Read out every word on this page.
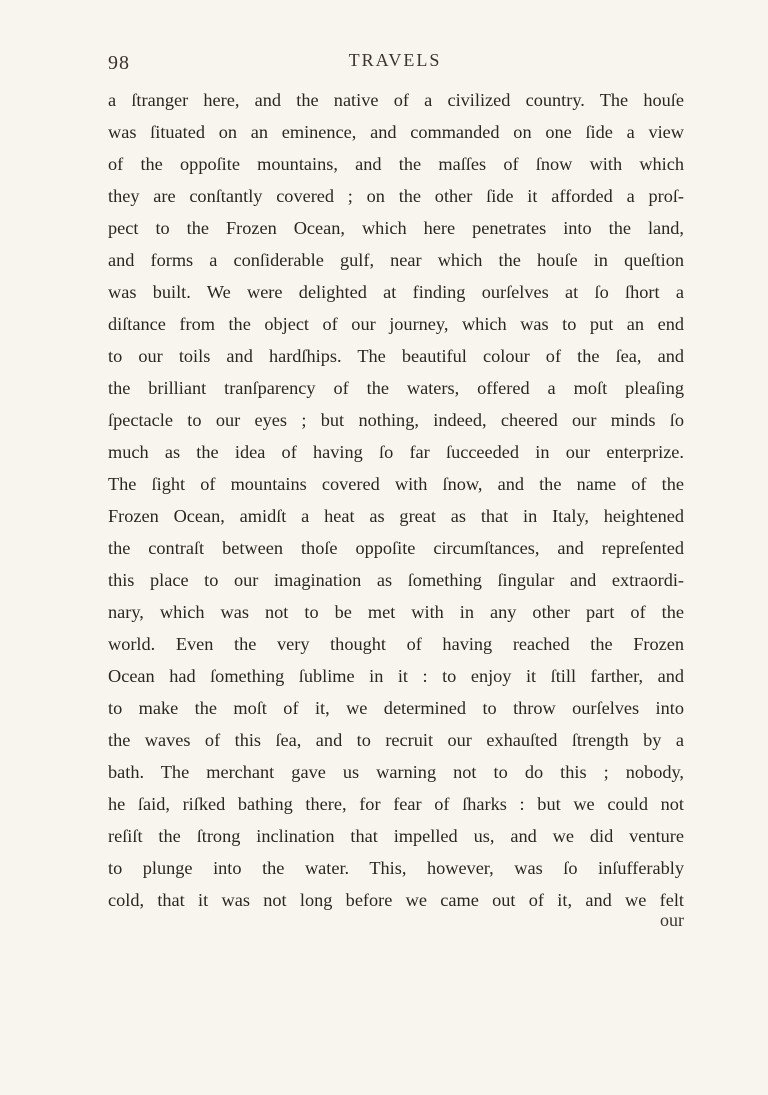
98	TRAVELS
a ſtranger here, and the native of a civilized country. The houſe
was ſituated on an eminence, and commanded on one ſide a view
of the oppoſite mountains, and the maſſes of ſnow with which
they are conſtantly covered ; on the other ſide it afforded a proſ-
pect to the Frozen Ocean, which here penetrates into the land,
and forms a conſiderable gulf, near which the houſe in queſtion
was built. We were delighted at finding ourſelves at ſo ſhort a
diſtance from the object of our journey, which was to put an end
to our toils and hardſhips. The beautiful colour of the ſea, and
the brilliant tranſparency of the waters, offered a moſt pleaſing
ſpectacle to our eyes ; but nothing, indeed, cheered our minds ſo
much as the idea of having ſo far ſucceeded in our enterprize.
The ſight of mountains covered with ſnow, and the name of the
Frozen Ocean, amidſt a heat as great as that in Italy, heightened
the contraſt between thoſe oppoſite circumſtances, and repreſented
this place to our imagination as ſomething ſingular and extraordi-
nary, which was not to be met with in any other part of the
world. Even the very thought of having reached the Frozen
Ocean had ſomething ſublime in it : to enjoy it ſtill farther, and
to make the moſt of it, we determined to throw ourſelves into
the waves of this ſea, and to recruit our exhauſted ſtrength by a
bath. The merchant gave us warning not to do this ; nobody,
he ſaid, riſked bathing there, for fear of ſharks : but we could not
reſiſt the ſtrong inclination that impelled us, and we did venture
to plunge into the water. This, however, was ſo inſufferably
cold, that it was not long before we came out of it, and we felt
our
